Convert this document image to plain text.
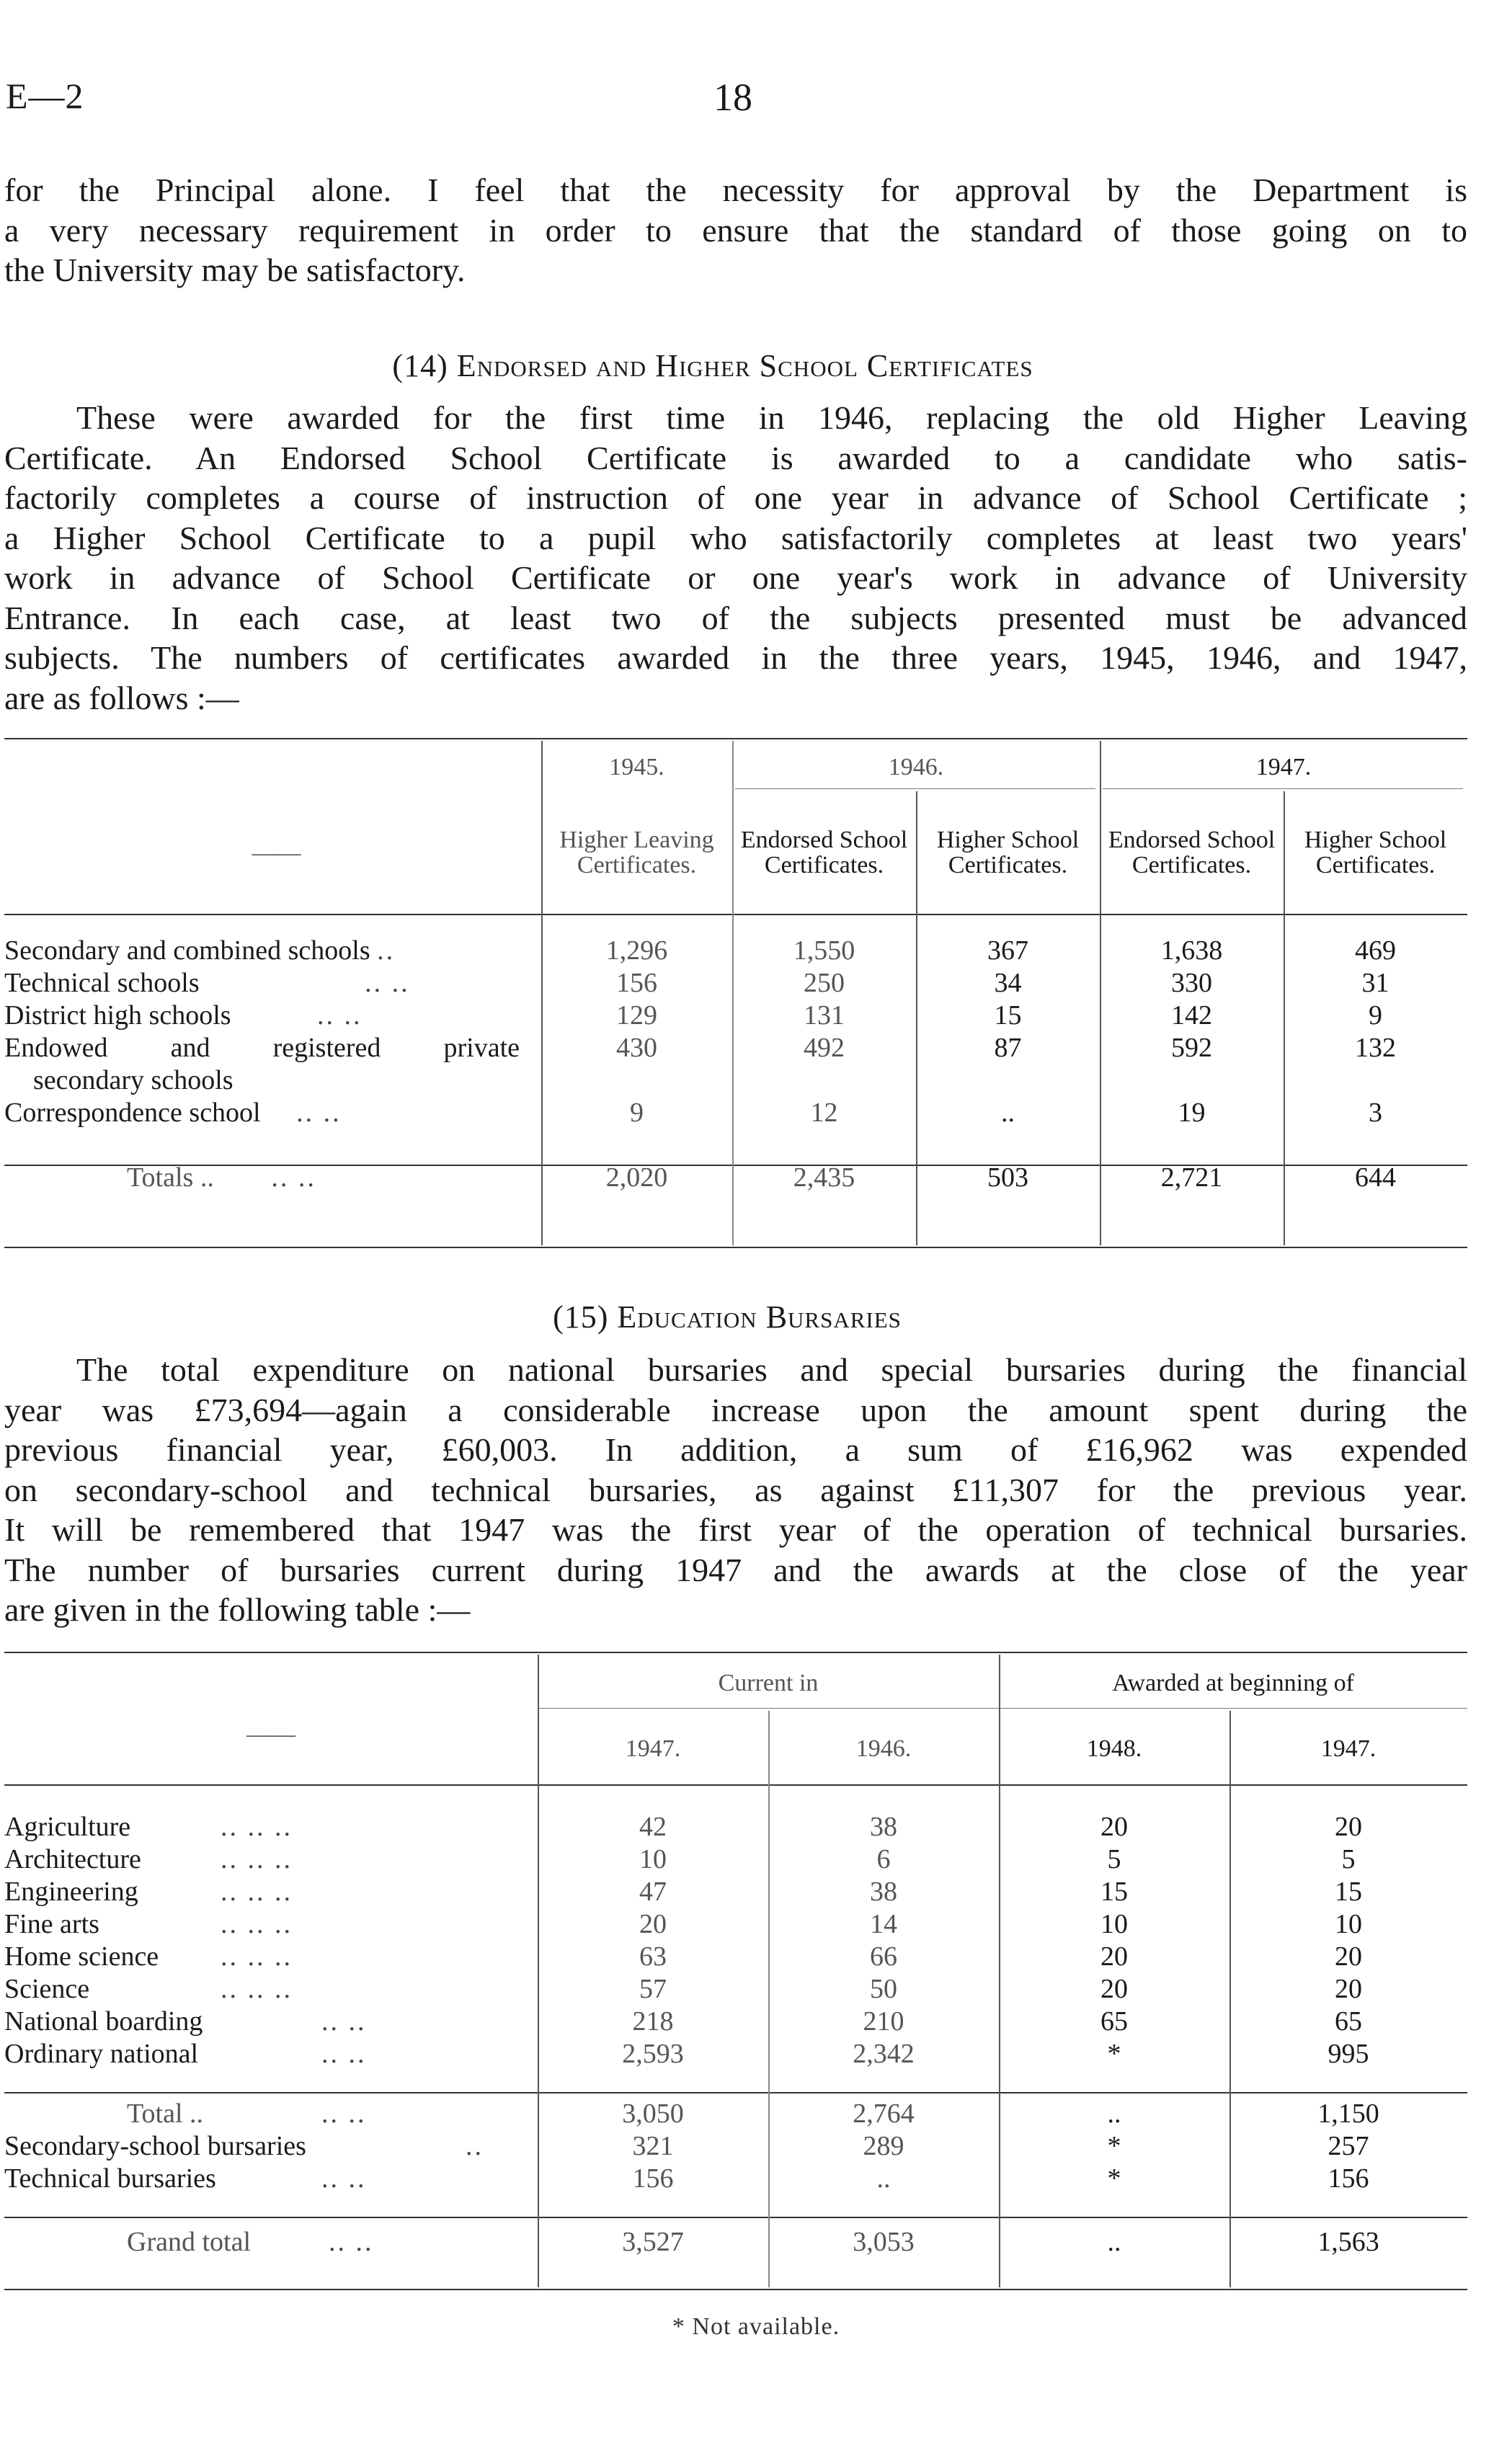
E—2	18
for the Principal alone. I feel that the necessity for approval by the Department is
a very necessary requirement in order to ensure that the standard of those going on to
the University may be satisfactory.
(14) Endorsed and Higher School Certificates
These were awarded for the first time in 1946, replacing the old Higher Leaving
Certificate. An Endorsed School Certificate is awarded to a candidate who satis-
factorily completes a course of instruction of one year in advance of School Certificate ;
a Higher School Certificate to a pupil who satisfactorily completes at least two years'
work in advance of School Certificate or one year's work in advance of University
Entrance. In each case, at least two of the subjects presented must be advanced
subjects. The numbers of certificates awarded in the three years, 1945, 1946, and 1947,
are as follows :—
	1945.	1946.		1947.	
——	Higher Leaving Certificates.	Endorsed School Certificates.	Higher School Certificates.	Endorsed School Certificates.	Higher School Certificates.

Secondary and combined schools ..	1,296	1,550	367	1,638	469
Technical schools .. ..	156	250	34	330	31
District high schools .. ..	129	131	15	142	9
Endowed and registered private	430	492	87	592	132
secondary schools					
Correspondence school .. ..	9	12	..	19	3

Totals .. .. ..	2,020	2,435	503	2,721	644
(15) Education Bursaries
The total expenditure on national bursaries and special bursaries during the financial
year was £73,694—again a considerable increase upon the amount spent during the
previous financial year, £60,003. In addition, a sum of £16,962 was expended
on secondary-school and technical bursaries, as against £11,307 for the previous year.
It will be remembered that 1947 was the first year of the operation of technical bursaries.
The number of bursaries current during 1947 and the awards at the close of the year
are given in the following table :—
	Current in		Awarded at beginning of	
——	1947.	1946.	1948.	1947.

Agriculture .. .. ..	42	38	20	20
Architecture .. .. ..	10	6	5	5
Engineering .. .. ..	47	38	15	15
Fine arts .. .. ..	20	14	10	10
Home science .. .. ..	63	66	20	20
Science .. .. ..	57	50	20	20
National boarding .. ..	218	210	65	65
Ordinary national .. ..	2,593	2,342	*	995

Total .. .. ..	3,050	2,764	..	1,150
Secondary-school bursaries ..	321	289	*	257
Technical bursaries .. ..	156	..	*	156

Grand total .. ..	3,527	3,053	..	1,563
* Not available.
